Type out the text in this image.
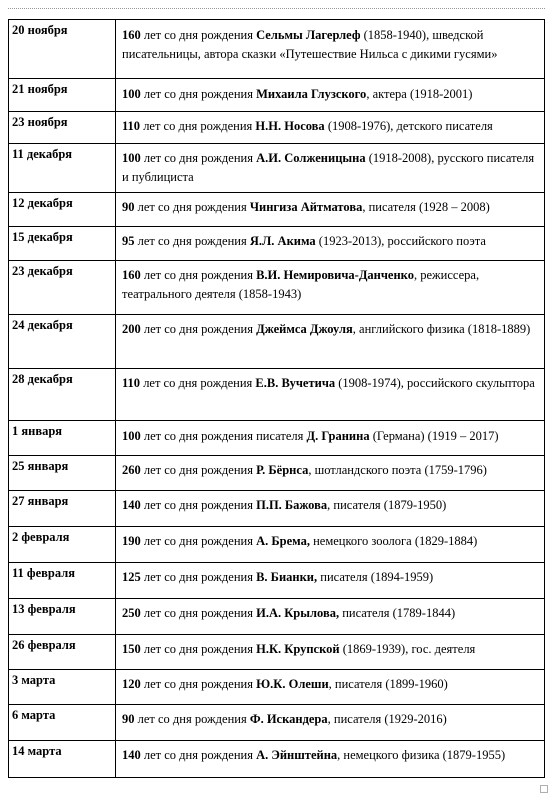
20 ноября	160 лет со дня рождения Сельмы Лагерлеф (1858-1940), шведской писательницы, автора сказки «Путешествие Нильса с дикими гусями»

21 ноября	100 лет со дня рождения Михаила Глузского, актера (1918-2001)

23 ноября	110 лет со дня рождения Н.Н. Носова (1908-1976), детского писателя

11 декабря	100 лет со дня рождения А.И. Солженицына (1918-2008), русского писателя и публициста

12 декабря	90 лет со дня рождения Чингиза Айтматова, писателя (1928 – 2008)

15 декабря	95 лет со дня рождения Я.Л. Акима (1923-2013), российского поэта

23 декабря	160 лет со дня рождения В.И. Немировича-Данченко, режиссера, театрального деятеля (1858-1943)

24 декабря	200 лет со дня рождения Джеймса Джоуля, английского физика (1818-1889)

28 декабря	110 лет со дня рождения Е.В. Вучетича (1908-1974), российского скульптора

1 января	100 лет со дня рождения писателя Д. Гранина (Германа) (1919 – 2017)

25 января	260 лет со дня рождения Р. Бёрнса, шотландского поэта (1759-1796)

27 января	140 лет со дня рождения П.П. Бажова, писателя (1879-1950)

2 февраля	190 лет со дня рождения А. Брема, немецкого зоолога (1829-1884)

11 февраля	125 лет со дня рождения В. Бианки, писателя (1894-1959)

13 февраля	250 лет со дня рождения И.А. Крылова, писателя (1789-1844)

26 февраля	150 лет со дня рождения Н.К. Крупской (1869-1939), гос. деятеля

3 марта	120 лет со дня рождения Ю.К. Олеши, писателя (1899-1960)

6 марта	90 лет со дня рождения Ф. Искандера, писателя (1929-2016)

14 марта	140 лет со дня рождения А. Эйнштейна, немецкого физика (1879-1955)
